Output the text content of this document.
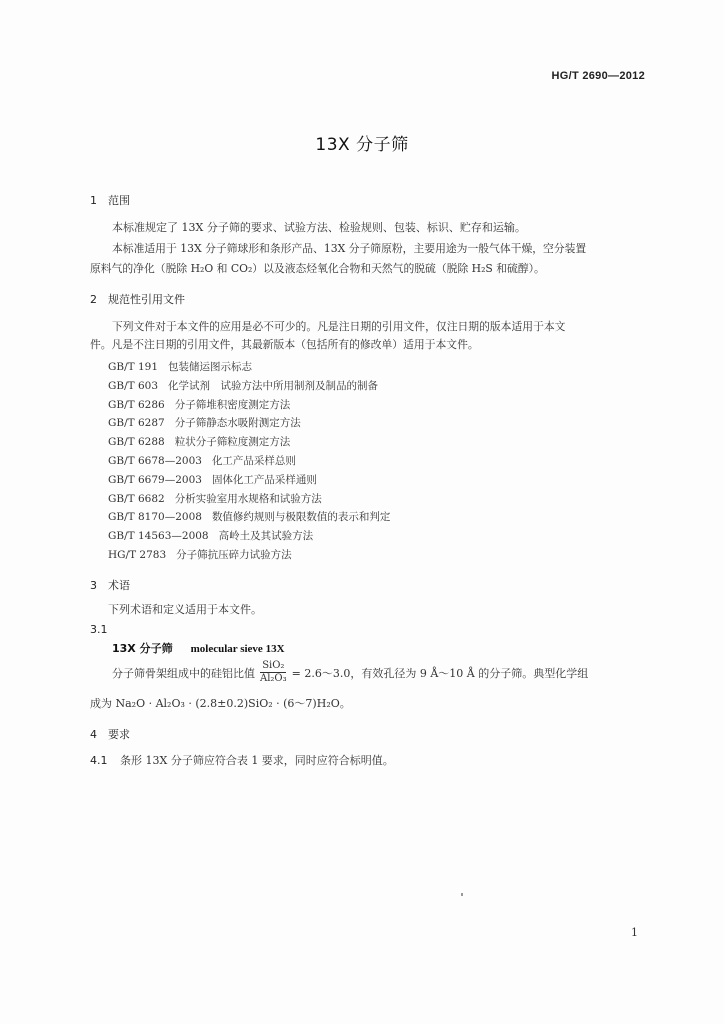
HG/T 2690—2012
13X 分子筛
1 范围
本标准规定了 13X 分子筛的要求、试验方法、检验规则、包装、标识、贮存和运输。
本标准适用于 13X 分子筛球形和条形产品、13X 分子筛原粉，主要用途为一般气体干燥，空分装置
原料气的净化（脱除 H₂O 和 CO₂）以及液态烃氧化合物和天然气的脱硫（脱除 H₂S 和硫醇）。
2 规范性引用文件
下列文件对于本文件的应用是必不可少的。凡是注日期的引用文件，仅注日期的版本适用于本文
件。凡是不注日期的引用文件，其最新版本（包括所有的修改单）适用于本文件。
GB/T 191 包装储运图示标志
GB/T 603 化学试剂　试验方法中所用制剂及制品的制备
GB/T 6286 分子筛堆积密度测定方法
GB/T 6287 分子筛静态水吸附测定方法
GB/T 6288 粒状分子筛粒度测定方法
GB/T 6678—2003 化工产品采样总则
GB/T 6679—2003 固体化工产品采样通则
GB/T 6682 分析实验室用水规格和试验方法
GB/T 8170—2008 数值修约规则与极限数值的表示和判定
GB/T 14563—2008 高岭土及其试验方法
HG/T 2783 分子筛抗压碎力试验方法
3 术语
下列术语和定义适用于本文件。
3.1
13X 分子筛 molecular sieve 13X
分子筛骨架组成中的硅铝比值 $\frac{\text{SiO₂}}{\text{Al₂O₃}}$ = 2.6～3.0，有效孔径为 9 Å～10 Å 的分子筛。典型化学组
成为 Na₂O · Al₂O₃ · (2.8±0.2)SiO₂ · (6～7)H₂O。
4 要求
4.1 条形 13X 分子筛应符合表 1 要求，同时应符合标明值。
1
